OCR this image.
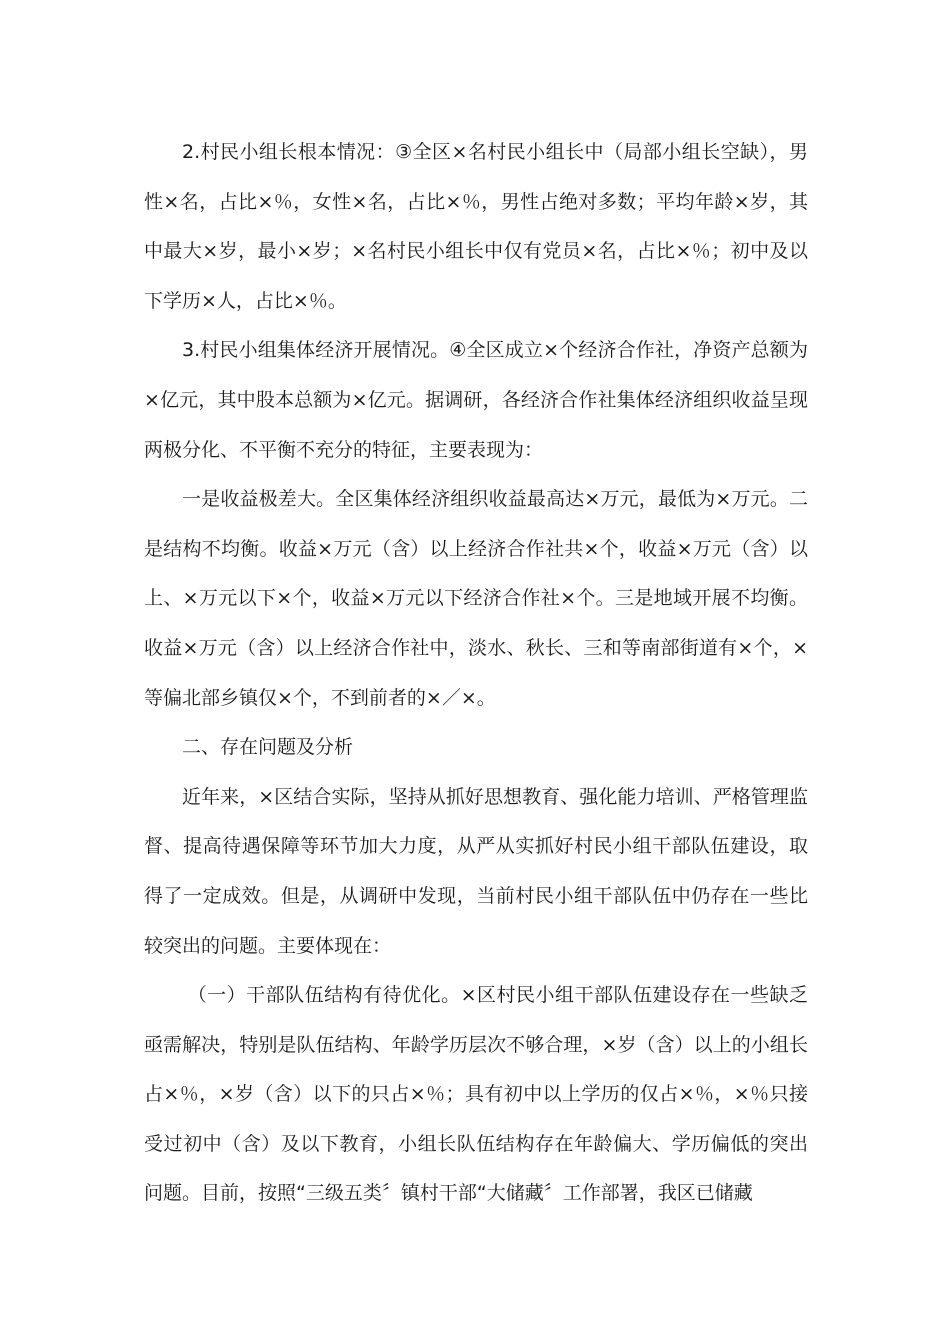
2.村民小组长根本情况：③全区×名村民小组长中（局部小组长空缺），男性×名，占比×％，女性×名，占比×％，男性占绝对多数；平均年龄×岁，其中最大×岁，最小×岁；×名村民小组长中仅有党员×名，占比×％；初中及以下学历×人，占比×％。

3.村民小组集体经济开展情况。④全区成立×个经济合作社，净资产总额为×亿元，其中股本总额为×亿元。据调研，各经济合作社集体经济组织收益呈现两极分化、不平衡不充分的特征，主要表现为：

一是收益极差大。全区集体经济组织收益最高达×万元，最低为×万元。二是结构不均衡。收益×万元（含）以上经济合作社共×个，收益×万元（含）以上、×万元以下×个，收益×万元以下经济合作社×个。三是地域开展不均衡。收益×万元（含）以上经济合作社中，淡水、秋长、三和等南部街道有×个，×等偏北部乡镇仅×个，不到前者的×／×。

二、存在问题及分析

近年来，×区结合实际，坚持从抓好思想教育、强化能力培训、严格管理监督、提高待遇保障等环节加大力度，从严从实抓好村民小组干部队伍建设，取得了一定成效。但是，从调研中发现，当前村民小组干部队伍中仍存在一些比较突出的问题。主要体现在：

（一）干部队伍结构有待优化。×区村民小组干部队伍建设存在一些缺乏亟需解决，特别是队伍结构、年龄学历层次不够合理，×岁（含）以上的小组长占×％，×岁（含）以下的只占×％；具有初中以上学历的仅占×％，×％只接受过初中（含）及以下教育，小组长队伍结构存在年龄偏大、学历偏低的突出问题。目前，按照“三级五类〞镇村干部“大储藏〞工作部署，我区已储藏
